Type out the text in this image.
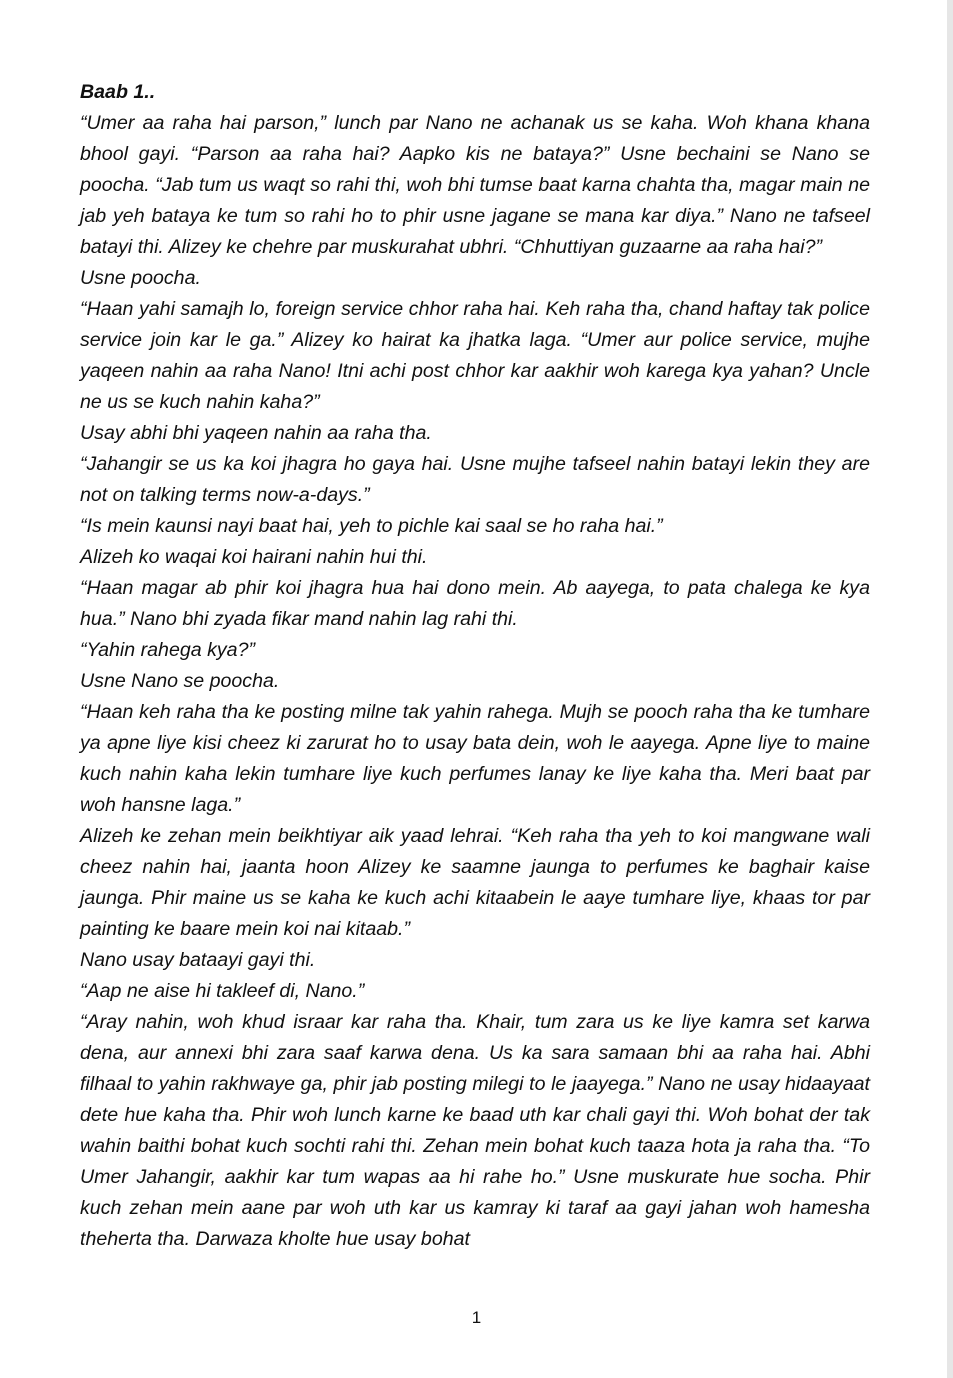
Baab 1..

“Umer aa raha hai parson,” lunch par Nano ne achanak us se kaha. Woh khana khana bhool gayi. “Parson aa raha hai? Aapko kis ne bataya?” Usne bechaini se Nano se poocha. “Jab tum us waqt so rahi thi, woh bhi tumse baat karna chahta tha, magar main ne jab yeh bataya ke tum so rahi ho to phir usne jagane se mana kar diya.” Nano ne tafseel batayi thi. Alizey ke chehre par muskurahat ubhri. “Chhuttiyan guzaarne aa raha hai?”

Usne poocha.

“Haan yahi samajh lo, foreign service chhor raha hai. Keh raha tha, chand haftay tak police service join kar le ga.” Alizey ko hairat ka jhatka laga. “Umer aur police service, mujhe yaqeen nahin aa raha Nano! Itni achi post chhor kar aakhir woh karega kya yahan? Uncle ne us se kuch nahin kaha?”

Usay abhi bhi yaqeen nahin aa raha tha.

“Jahangir se us ka koi jhagra ho gaya hai. Usne mujhe tafseel nahin batayi lekin they are not on talking terms now-a-days.”

“Is mein kaunsi nayi baat hai, yeh to pichle kai saal se ho raha hai.”

Alizeh ko waqai koi hairani nahin hui thi.

“Haan magar ab phir koi jhagra hua hai dono mein. Ab aayega, to pata chalega ke kya hua.” Nano bhi zyada fikar mand nahin lag rahi thi.

“Yahin rahega kya?”

Usne Nano se poocha.

“Haan keh raha tha ke posting milne tak yahin rahega. Mujh se pooch raha tha ke tumhare ya apne liye kisi cheez ki zarurat ho to usay bata dein, woh le aayega. Apne liye to maine kuch nahin kaha lekin tumhare liye kuch perfumes lanay ke liye kaha tha. Meri baat par woh hansne laga.”

Alizeh ke zehan mein beikhtiyar aik yaad lehrai. “Keh raha tha yeh to koi mangwane wali cheez nahin hai, jaanta hoon Alizey ke saamne jaunga to perfumes ke baghair kaise jaunga. Phir maine us se kaha ke kuch achi kitaabein le aaye tumhare liye, khaas tor par painting ke baare mein koi nai kitaab.”

Nano usay bataayi gayi thi.

“Aap ne aise hi takleef di, Nano.”

“Aray nahin, woh khud israar kar raha tha. Khair, tum zara us ke liye kamra set karwa dena, aur annexi bhi zara saaf karwa dena. Us ka sara samaan bhi aa raha hai. Abhi filhaal to yahin rakhwaye ga, phir jab posting milegi to le jaayega.” Nano ne usay hidaayaat dete hue kaha tha. Phir woh lunch karne ke baad uth kar chali gayi thi. Woh bohat der tak wahin baithi bohat kuch sochti rahi thi. Zehan mein bohat kuch taaza hota ja raha tha. “To Umer Jahangir, aakhir kar tum wapas aa hi rahe ho.” Usne muskurate hue socha. Phir kuch zehan mein aane par woh uth kar us kamray ki taraf aa gayi jahan woh hamesha theherta tha. Darwaza kholte hue usay bohat

1
